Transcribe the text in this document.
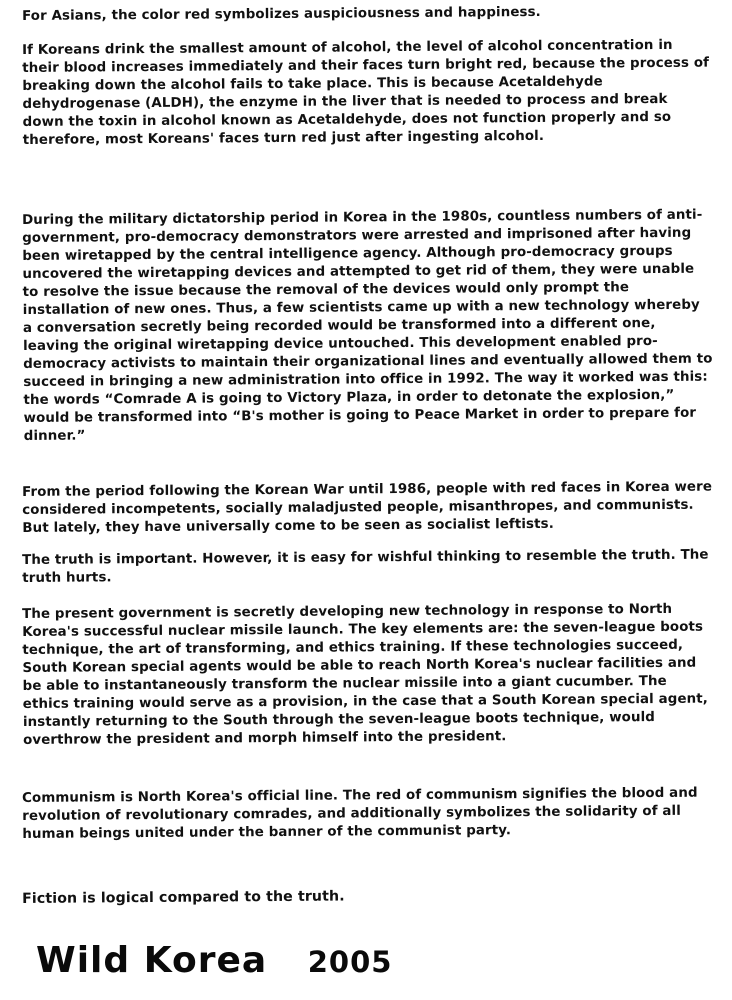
For Asians, the color red symbolizes auspiciousness and happiness.

If Koreans drink the smallest amount of alcohol, the level of alcohol concentration in their blood increases immediately and their faces turn bright red, because the process of breaking down the alcohol fails to take place. This is because Acetaldehyde dehydrogenase (ALDH), the enzyme in the liver that is needed to process and break down the toxin in alcohol known as Acetaldehyde, does not function properly and so therefore, most Koreans' faces turn red just after ingesting alcohol.

During the military dictatorship period in Korea in the 1980s, countless numbers of anti-government, pro-democracy demonstrators were arrested and imprisoned after having been wiretapped by the central intelligence agency. Although pro-democracy groups uncovered the wiretapping devices and attempted to get rid of them, they were unable to resolve the issue because the removal of the devices would only prompt the installation of new ones. Thus, a few scientists came up with a new technology whereby a conversation secretly being recorded would be transformed into a different one, leaving the original wiretapping device untouched. This development enabled pro-democracy activists to maintain their organizational lines and eventually allowed them to succeed in bringing a new administration into office in 1992. The way it worked was this: the words “Comrade A is going to Victory Plaza, in order to detonate the explosion,” would be transformed into “B's mother is going to Peace Market in order to prepare for dinner.”

From the period following the Korean War until 1986, people with red faces in Korea were considered incompetents, socially maladjusted people, misanthropes, and communists. But lately, they have universally come to be seen as socialist leftists.

The truth is important. However, it is easy for wishful thinking to resemble the truth. The truth hurts.

The present government is secretly developing new technology in response to North Korea's successful nuclear missile launch. The key elements are: the seven-league boots technique, the art of transforming, and ethics training. If these technologies succeed, South Korean special agents would be able to reach North Korea's nuclear facilities and be able to instantaneously transform the nuclear missile into a giant cucumber. The ethics training would serve as a provision, in the case that a South Korean special agent, instantly returning to the South through the seven-league boots technique, would overthrow the president and morph himself into the president.

Communism is North Korea's official line. The red of communism signifies the blood and revolution of revolutionary comrades, and additionally symbolizes the solidarity of all human beings united under the banner of the communist party.

Fiction is logical compared to the truth.

Wild Korea 2005
